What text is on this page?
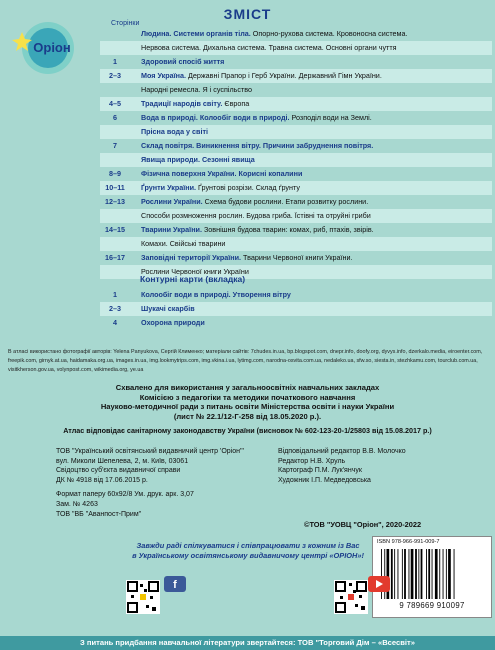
Оріон
ЗМІСТ
Сторінки
Людина. Системи органів тіла. Опорно-рухова система. Кровоносна система.
Нервова система. Дихальна система. Травна система. Основні органи чуття
1	Здоровий спосіб життя
2–3	Моя Україна. Державні Прапор і Герб України. Державний Гімн України.
Народні ремесла. Я і суспільство
4–5	Традиції народів світу. Європа
6	Вода в природі. Колообіг води в природі. Розподіл води на Землі.
Прісна вода у світі
7	Склад повітря. Виникнення вітру. Причини забруднення повітря.
Явища природи. Сезонні явища
8–9	Фізична поверхня України. Корисні копалини
10–11	Ґрунти України. Ґрунтові розрізи. Склад ґрунту
12–13	Рослини України. Схема будови рослини. Етапи розвитку рослини.
Способи розмноження рослин. Будова гриба. Їстівні та отруйні гриби
14–15	Тварини України. Зовнішня будова тварин: комах, риб, птахів, звірів.
Комахи. Свійські тварини
16–17	Заповідні території України. Тварини Червоної книги України.
Рослини Червоної книги України
Контурні карти (вкладка)
1	Колообіг води в природі. Утворення вітру
2–3	Шукачі скарбів
4	Охорона природи
В атласі використано фотографії авторів: Yelena Panyukova, Сергій Клименко; матеріали сайтів: 7chudes.in.ua, bp.blogspot.com, dnepr.info, doofy.org, dyvys.info, dzerkalo.media, eiroenter.com, freepik.com, girnyk.at.ua, haidamaka.org.ua, images.in.ua, img.lookmytrips.com, img.vkina.i.ua, lytimg.com, narodna-osvita.com.ua, nedaleko.ua, sfw.so, siesta.in, stezhkamu.com, tourclub.com.ua, visitkherson.gov.ua, volynpost.com, wikimedia.org, ye.ua
Схвалено для використання у загальноосвітніх навчальних закладах
Комісією з педагогіки та методики початкового навчання
Науково-методичної ради з питань освіти Міністерства освіти і науки України
(лист № 22.1/12-Г-258 від 18.05.2020 р.).
Атлас відповідає санітарному законодавству України (висновок № 602-123-20-1/25803 від 15.08.2017 р.)
ТОВ "Український освітянський видавничий центр 'Оріон'"
вул. Миколи Шепелева, 2, м. Київ, 03061
Свідоцтво суб'єкта видавничої справи
ДК № 4918 від 17.06.2015 р.
Формат паперу 60х92/8 Ум. друк. арк. 3,07
Зам. № 4263
ТОВ "ВБ "Аванпост-Прим"
Відповідальний редактор В.В. Молочко
Редактор Н.В. Хруль
Картограф П.М. Лук'янчук
Художник І.П. Медведовська
©ТОВ "УОВЦ "Оріон", 2020-2022
ISBN 978-966-991-009-7
9 789669 910097
Завжди раді спілкуватися і співпрацювати з кожним із Вас
в Українському освітянському видавничому центрі «ОРІОН»!
f
З питань придбання навчальної літератури звертайтеся: ТОВ "Торговий Дім – «Всесвіт»
